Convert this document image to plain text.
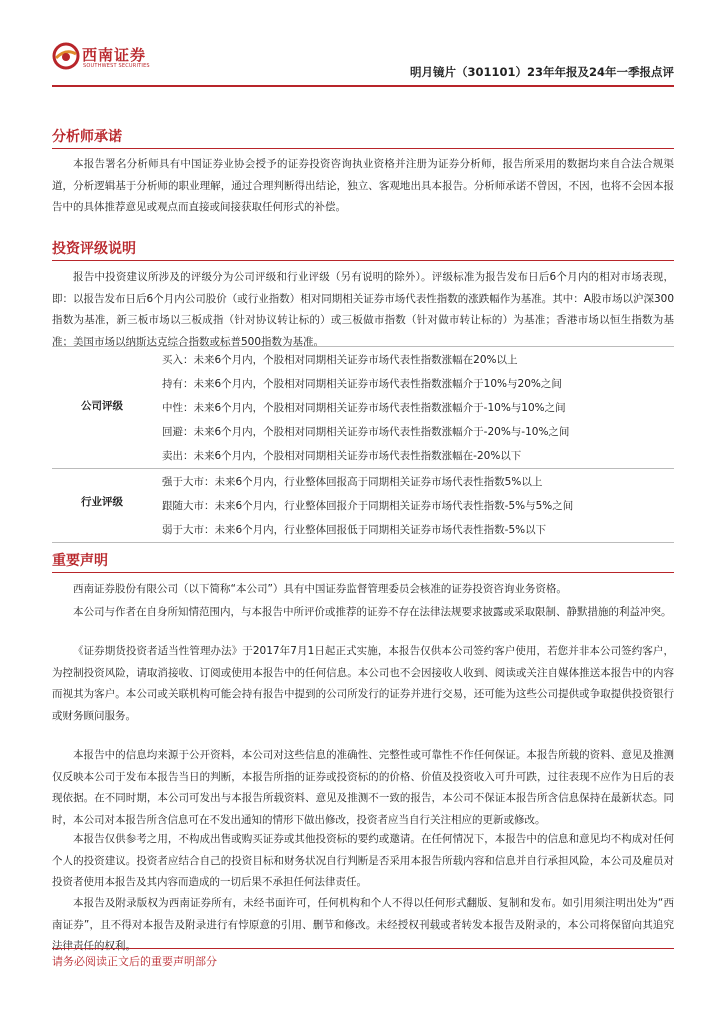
西南证券
SOUTHWEST SECURITIES	明月镜片（301101）23年年报及24年一季报点评
分析师承诺

本报告署名分析师具有中国证券业协会授予的证券投资咨询执业资格并注册为证券分析师，报告所采用的数据均来自合法合规渠道，分析逻辑基于分析师的职业理解，通过合理判断得出结论，独立、客观地出具本报告。分析师承诺不曾因，不因，也将不会因本报告中的具体推荐意见或观点而直接或间接获取任何形式的补偿。

投资评级说明

报告中投资建议所涉及的评级分为公司评级和行业评级（另有说明的除外）。评级标准为报告发布日后6个月内的相对市场表现，即：以报告发布日后6个月内公司股价（或行业指数）相对同期相关证券市场代表性指数的涨跌幅作为基准。其中：A股市场以沪深300指数为基准，新三板市场以三板成指（针对协议转让标的）或三板做市指数（针对做市转让标的）为基准；香港市场以恒生指数为基准；美国市场以纳斯达克综合指数或标普500指数为基准。

公司评级
买入：未来6个月内，个股相对同期相关证券市场代表性指数涨幅在20%以上
持有：未来6个月内，个股相对同期相关证券市场代表性指数涨幅介于10%与20%之间
中性：未来6个月内，个股相对同期相关证券市场代表性指数涨幅介于-10%与10%之间
回避：未来6个月内，个股相对同期相关证券市场代表性指数涨幅介于-20%与-10%之间
卖出：未来6个月内，个股相对同期相关证券市场代表性指数涨幅在-20%以下
行业评级
强于大市：未来6个月内，行业整体回报高于同期相关证券市场代表性指数5%以上
跟随大市：未来6个月内，行业整体回报介于同期相关证券市场代表性指数-5%与5%之间
弱于大市：未来6个月内，行业整体回报低于同期相关证券市场代表性指数-5%以下
重要声明

西南证券股份有限公司（以下简称“本公司”）具有中国证券监督管理委员会核准的证券投资咨询业务资格。

本公司与作者在自身所知情范围内，与本报告中所评价或推荐的证券不存在法律法规要求披露或采取限制、静默措施的利益冲突。

《证券期货投资者适当性管理办法》于2017年7月1日起正式实施，本报告仅供本公司签约客户使用，若您并非本公司签约客户，为控制投资风险，请取消接收、订阅或使用本报告中的任何信息。本公司也不会因接收人收到、阅读或关注自媒体推送本报告中的内容而视其为客户。本公司或关联机构可能会持有报告中提到的公司所发行的证券并进行交易，还可能为这些公司提供或争取提供投资银行或财务顾问服务。

本报告中的信息均来源于公开资料，本公司对这些信息的准确性、完整性或可靠性不作任何保证。本报告所载的资料、意见及推测仅反映本公司于发布本报告当日的判断，本报告所指的证券或投资标的的价格、价值及投资收入可升可跌，过往表现不应作为日后的表现依据。在不同时期，本公司可发出与本报告所载资料、意见及推测不一致的报告，本公司不保证本报告所含信息保持在最新状态。同时，本公司对本报告所含信息可在不发出通知的情形下做出修改，投资者应当自行关注相应的更新或修改。

本报告仅供参考之用，不构成出售或购买证券或其他投资标的要约或邀请。在任何情况下，本报告中的信息和意见均不构成对任何个人的投资建议。投资者应结合自己的投资目标和财务状况自行判断是否采用本报告所载内容和信息并自行承担风险，本公司及雇员对投资者使用本报告及其内容而造成的一切后果不承担任何法律责任。

本报告及附录版权为西南证券所有，未经书面许可，任何机构和个人不得以任何形式翻版、复制和发布。如引用须注明出处为“西南证券”，且不得对本报告及附录进行有悖原意的引用、删节和修改。未经授权刊载或者转发本报告及附录的，本公司将保留向其追究法律责任的权利。

请务必阅读正文后的重要声明部分
